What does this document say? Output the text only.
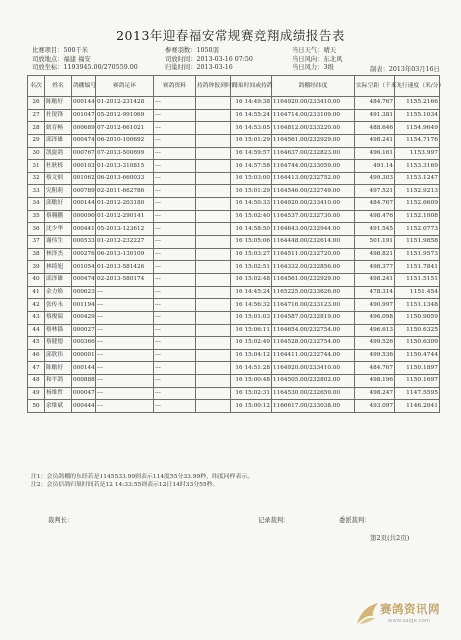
2013年迎春福安常规赛竞翔成绩报告表
比赛项目：500千米
司放地点：福建 福安
司放坐标：1193945.00/270559.00
参赛羽数：1050羽
司放时间：2013-03-16 07:50
归巢时间：2013-03-16
当日天气：晴天
当日风向：东北风
当日风力：3级	制表：2013年03月16日
名次	姓名	鸽棚编号	赛鸽足环	赛鸽资料	持鸽钟报到时间	归巢时间或持鸽	鸽棚经纬度	实际空距（千米）	飞行速度（米/分）
26	陈赡好	000144	01-2012-231428	---		16 14:49:38	1164920.00/233410.00	484.767	1155.2166
27	杜锐锋	001047	05-2012-991069	---		16 14:55:24	1164714.00/233109.00	491.381	1155.1034
28	蚁育畅	000689	07-2012-661021	---		16 14:53:05	1164812.00/233220.00	488.646	1154.9649
29	邱泽雄	000474	06-2010-100692	---		16 15:01:29	1164561.00/232929.00	498.241	1154.7176
30	凯旋鸽	000767	07-2013-500699	---		16 14:59:57	1164637.00/232823.00	496.161	1153.997
31	杜耿栎	000103	01-2013-310815	---		16 14:57:58	1164744.00/233059.00	491.14	1153.3169
32	蔡文炳	001062	06-2013-660033	---		16 15:03:00	1164413.00/232752.00	499.303	1153.1247
33	究粗莉	000789	02-2011-662786	---		16 15:01:29	1164546.00/232749.00	497.521	1152.9213
34	邱赡好	000144	01-2012-203180	---		16 14:50:33	1164920.00/233410.00	484.767	1152.6609
35	蔡翱鹏	000090	01-2012-290141	---		16 15:02:40	1164537.00/232730.00	498.476	1152.1008
36	沈少华	000441	05-2013-123612	---		16 14:58:50	1164643.00/232944.00	491.545	1152.0773
37	谢伟生	000533	01-2012-232227	---		16 15:05:06	1164448.00/232614.00	501.191	1151.9858
38	林泽杰	000276	06-2013-130109	---		16 15:03:27	1164511.00/232720.00	498.821	1151.9573
39	林绮旭	001054	01-2013-581426	---		16 15:02:51	1164332.00/232856.00	498.377	1151.7841
40	邱泽雄	000474	02-2013-580174	---		16 15:02:48	1164561.00/232929.00	498.241	1151.5151
41	金力焕	000623	---	---		16 14:45:24	1165225.00/233626.00	478.314	1151.454
42	张传永	001194	---	---		16 14:56:32	1164716.00/233123.00	490.997	1151.1348
43	蔡俊瑞	000429	---	---		16 15:01:03	1164587.00/232819.00	496.098	1150.9059
44	蔡林锚	000027	---	---		16 15:06:11	1164654.00/232754.00	496.613	1150.6325
45	蔡健德	000366	---	---		16 15:02:49	1164528.00/232754.00	499.526	1150.6309
46	邱欣伟	000001	---	---		16 15:04:12	1164411.00/232744.00	499.536	1150.4744
47	陈赡好	000144	---	---		16 14:51:28	1164920.00/233410.00	484.767	1150.1897
48	和平鸽	000888	---	---		16 15:00:48	1164505.00/232802.00	498.196	1150.1697
49	杨维哲	000047	---	---		16 15:02:31	1164530.00/232659.00	498.247	1147.5595
50	余维斌	000444	---	---		16 15:00:12	1166617.00/233038.00	493.097	1146.2041
注1：会员鸽棚的东经若是1145533.99则表示114度55分33.99秒，纬度同样表示。
注2：会员信鸽归巢时间若是12 14:33:55则表示12日14时33分55秒。
裁判长：	记录裁判：	委派裁判：
第2页(共2页)
赛鸽资讯网
www.saige.com
